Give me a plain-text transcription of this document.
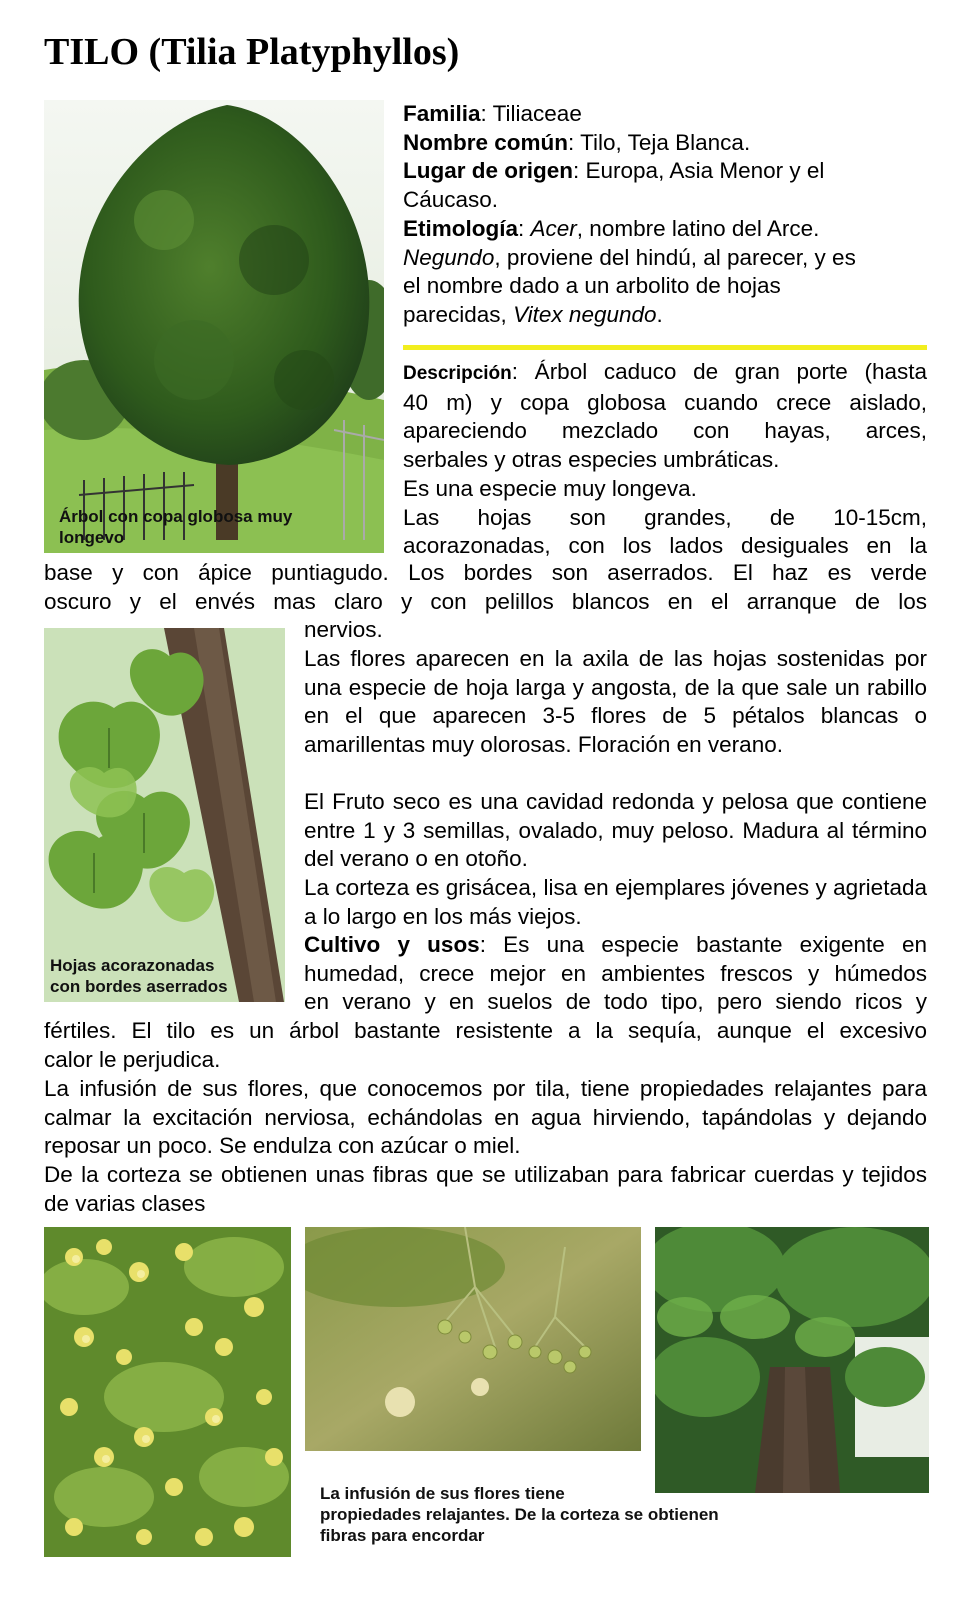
TILO (Tilia Platyphyllos)
Árbol con copa globosa muy
longevo
Familia: Tiliaceae
Nombre común: Tilo, Teja Blanca.
Lugar de origen: Europa, Asia Menor y el
Cáucaso.
Etimología: Acer, nombre latino del Arce.
Negundo, proviene del hindú, al parecer, y es
el nombre dado a un arbolito de hojas
parecidas, Vitex negundo.
Descripción: Árbol caduco de gran porte (hasta
40 m) y copa globosa cuando crece aislado,
apareciendo mezclado con hayas, arces,
serbales y otras especies umbráticas.
Es una especie muy longeva.
Las hojas son grandes, de 10-15cm,
acorazonadas, con los lados desiguales en la
base y con ápice puntiagudo. Los bordes son aserrados. El haz es verde
oscuro y el envés mas claro y con pelillos blancos en el arranque de los
nervios.
Hojas acorazonadas
con bordes aserrados
Las flores aparecen en la axila de las hojas sostenidas por una especie de hoja larga y angosta, de la que sale un rabillo en el que aparecen 3-5 flores de 5 pétalos blancas o amarillentas muy olorosas. Floración en verano.
El Fruto seco es una cavidad redonda y pelosa que contiene entre 1 y 3 semillas, ovalado, muy peloso. Madura al término del verano o en otoño.
La corteza es grisácea, lisa en ejemplares jóvenes y agrietada a lo largo en los más viejos.
Cultivo y usos: Es una especie bastante exigente en
humedad, crece mejor en ambientes frescos y húmedos
en verano y en suelos de todo tipo, pero siendo ricos y
fértiles. El tilo es un árbol bastante resistente a la sequía, aunque el excesivo
calor le perjudica.
La infusión de sus flores, que conocemos por tila, tiene propiedades relajantes para calmar la excitación nerviosa, echándolas en agua hirviendo, tapándolas y dejando reposar un poco. Se endulza con azúcar o miel.
De la corteza se obtienen unas fibras que se utilizaban para fabricar cuerdas y tejidos de varias clases
La infusión de sus flores tiene
propiedades relajantes. De la corteza se obtienen
fibras para encordar
